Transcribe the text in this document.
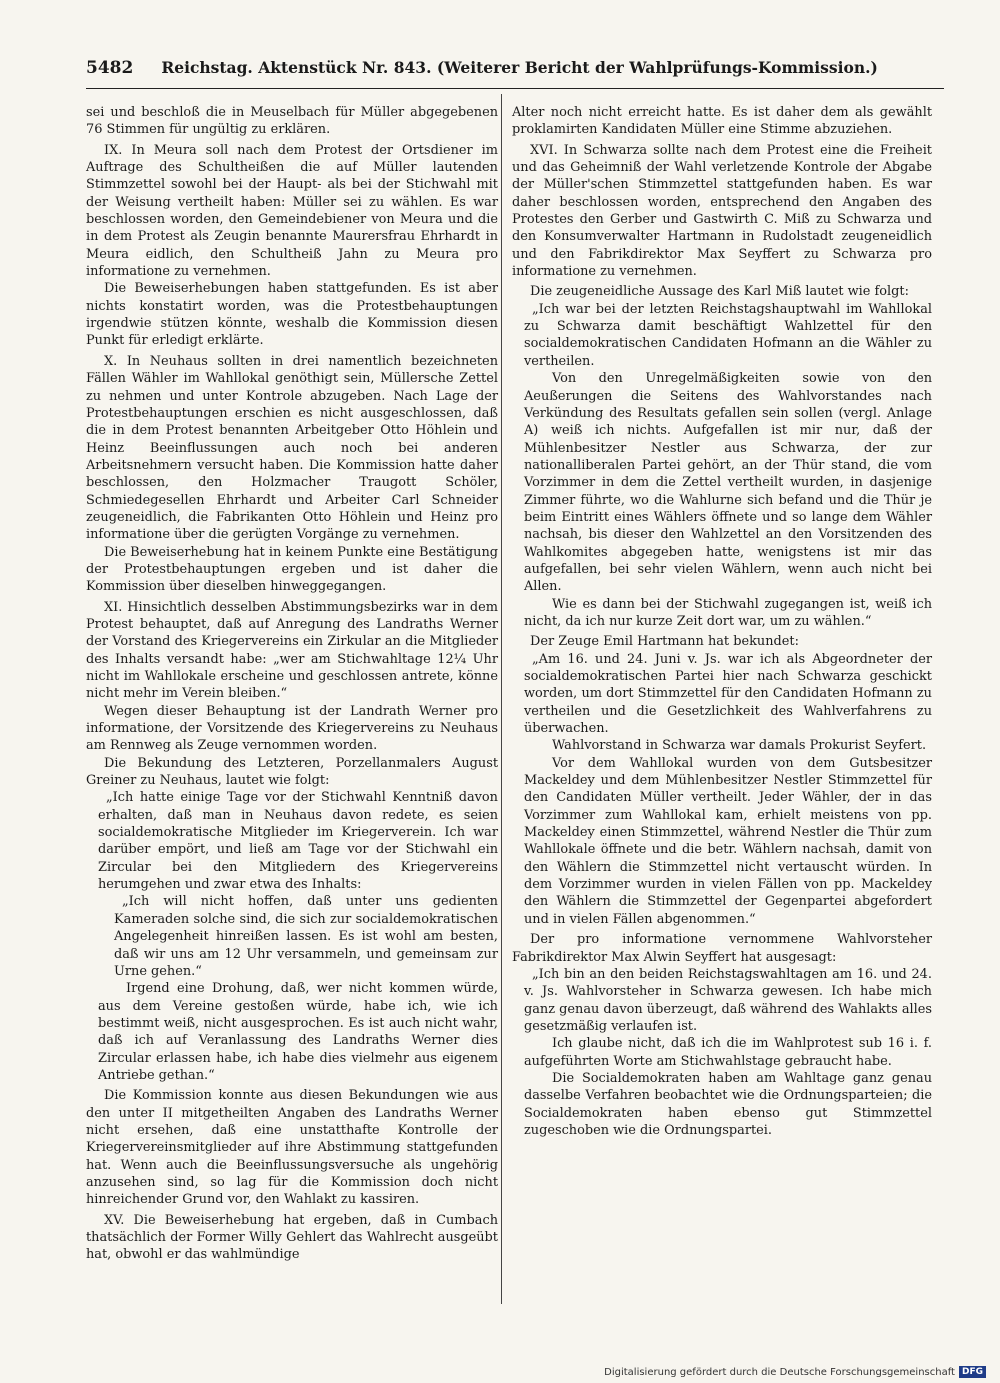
5482 Reichstag. Aktenstück Nr. 843. (Weiterer Bericht der Wahlprüfungs-Kommission.)

sei und beschloß die in Meuselbach für Müller abgegebenen 76 Stimmen für ungültig zu erklären.

IX. In Meura soll nach dem Protest der Ortsdiener im Auftrage des Schultheißen die auf Müller lautenden Stimmzettel sowohl bei der Haupt- als bei der Stichwahl mit der Weisung vertheilt haben: Müller sei zu wählen. Es war beschlossen worden, den Gemeindebiener von Meura und die in dem Protest als Zeugin benannte Maurersfrau Ehrhardt in Meura eidlich, den Schultheiß Jahn zu Meura pro informatione zu vernehmen.

Die Beweiserhebungen haben stattgefunden. Es ist aber nichts konstatirt worden, was die Protestbehauptungen irgendwie stützen könnte, weshalb die Kommission diesen Punkt für erledigt erklärte.

X. In Neuhaus sollten in drei namentlich bezeichneten Fällen Wähler im Wahllokal genöthigt sein, Müllersche Zettel zu nehmen und unter Kontrole abzugeben. Nach Lage der Protestbehauptungen erschien es nicht ausgeschlossen, daß die in dem Protest benannten Arbeitgeber Otto Höhlein und Heinz Beeinflussungen auch noch bei anderen Arbeitsnehmern versucht haben. Die Kommission hatte daher beschlossen, den Holzmacher Traugott Schöler, Schmiedegesellen Ehrhardt und Arbeiter Carl Schneider zeugeneidlich, die Fabrikanten Otto Höhlein und Heinz pro informatione über die gerügten Vorgänge zu vernehmen.

Die Beweiserhebung hat in keinem Punkte eine Bestätigung der Protestbehauptungen ergeben und ist daher die Kommission über dieselben hinweggegangen.

XI. Hinsichtlich desselben Abstimmungsbezirks war in dem Protest behauptet, daß auf Anregung des Landraths Werner der Vorstand des Kriegervereins ein Zirkular an die Mitglieder des Inhalts versandt habe: „wer am Stichwahltage 12¼ Uhr nicht im Wahllokale erscheine und geschlossen antrete, könne nicht mehr im Verein bleiben.“

Wegen dieser Behauptung ist der Landrath Werner pro informatione, der Vorsitzende des Kriegervereins zu Neuhaus am Rennweg als Zeuge vernommen worden.

Die Bekundung des Letzteren, Porzellanmalers August Greiner zu Neuhaus, lautet wie folgt:

„Ich hatte einige Tage vor der Stichwahl Kenntniß davon erhalten, daß man in Neuhaus davon redete, es seien socialdemokratische Mitglieder im Kriegerverein. Ich war darüber empört, und ließ am Tage vor der Stichwahl ein Zircular bei den Mitgliedern des Kriegervereins herumgehen und zwar etwa des Inhalts:

„Ich will nicht hoffen, daß unter uns gedienten Kameraden solche sind, die sich zur socialdemokratischen Angelegenheit hinreißen lassen. Es ist wohl am besten, daß wir uns am 12 Uhr versammeln, und gemeinsam zur Urne gehen.“

Irgend eine Drohung, daß, wer nicht kommen würde, aus dem Vereine gestoßen würde, habe ich, wie ich bestimmt weiß, nicht ausgesprochen. Es ist auch nicht wahr, daß ich auf Veranlassung des Landraths Werner dies Zircular erlassen habe, ich habe dies vielmehr aus eigenem Antriebe gethan.“

Die Kommission konnte aus diesen Bekundungen wie aus den unter II mitgetheilten Angaben des Landraths Werner nicht ersehen, daß eine unstatthafte Kontrolle der Kriegervereinsmitglieder auf ihre Abstimmung stattgefunden hat. Wenn auch die Beeinflussungsversuche als ungehörig anzusehen sind, so lag für die Kommission doch nicht hinreichender Grund vor, den Wahlakt zu kassiren.

XV. Die Beweiserhebung hat ergeben, daß in Cumbach thatsächlich der Former Willy Gehlert das Wahlrecht ausgeübt hat, obwohl er das wahlmündige

Alter noch nicht erreicht hatte. Es ist daher dem als gewählt proklamirten Kandidaten Müller eine Stimme abzuziehen.

XVI. In Schwarza sollte nach dem Protest eine die Freiheit und das Geheimniß der Wahl verletzende Kontrole der Abgabe der Müller'schen Stimmzettel stattgefunden haben. Es war daher beschlossen worden, entsprechend den Angaben des Protestes den Gerber und Gastwirth C. Miß zu Schwarza und den Konsumverwalter Hartmann in Rudolstadt zeugeneidlich und den Fabrikdirektor Max Seyffert zu Schwarza pro informatione zu vernehmen.

Die zeugeneidliche Aussage des Karl Miß lautet wie folgt:

„Ich war bei der letzten Reichstagshauptwahl im Wahllokal zu Schwarza damit beschäftigt Wahlzettel für den socialdemokratischen Candidaten Hofmann an die Wähler zu vertheilen.

Von den Unregelmäßigkeiten sowie von den Aeußerungen die Seitens des Wahlvorstandes nach Verkündung des Resultats gefallen sein sollen (vergl. Anlage A) weiß ich nichts. Aufgefallen ist mir nur, daß der Mühlenbesitzer Nestler aus Schwarza, der zur nationalliberalen Partei gehört, an der Thür stand, die vom Vorzimmer in dem die Zettel vertheilt wurden, in dasjenige Zimmer führte, wo die Wahlurne sich befand und die Thür je beim Eintritt eines Wählers öffnete und so lange dem Wähler nachsah, bis dieser den Wahlzettel an den Vorsitzenden des Wahlkomites abgegeben hatte, wenigstens ist mir das aufgefallen, bei sehr vielen Wählern, wenn auch nicht bei Allen.

Wie es dann bei der Stichwahl zugegangen ist, weiß ich nicht, da ich nur kurze Zeit dort war, um zu wählen.“

Der Zeuge Emil Hartmann hat bekundet:

„Am 16. und 24. Juni v. Js. war ich als Abgeordneter der socialdemokratischen Partei hier nach Schwarza geschickt worden, um dort Stimmzettel für den Candidaten Hofmann zu vertheilen und die Gesetzlichkeit des Wahlverfahrens zu überwachen.

Wahlvorstand in Schwarza war damals Prokurist Seyfert.

Vor dem Wahllokal wurden von dem Gutsbesitzer Mackeldey und dem Mühlenbesitzer Nestler Stimmzettel für den Candidaten Müller vertheilt. Jeder Wähler, der in das Vorzimmer zum Wahllokal kam, erhielt meistens von pp. Mackeldey einen Stimmzettel, während Nestler die Thür zum Wahllokale öffnete und die betr. Wählern nachsah, damit von den Wählern die Stimmzettel nicht vertauscht würden. In dem Vorzimmer wurden in vielen Fällen von pp. Mackeldey den Wählern die Stimmzettel der Gegenpartei abgefordert und in vielen Fällen abgenommen.“

Der pro informatione vernommene Wahlvorsteher Fabrikdirektor Max Alwin Seyffert hat ausgesagt:

„Ich bin an den beiden Reichstagswahltagen am 16. und 24. v. Js. Wahlvorsteher in Schwarza gewesen. Ich habe mich ganz genau davon überzeugt, daß während des Wahlakts alles gesetzmäßig verlaufen ist.

Ich glaube nicht, daß ich die im Wahlprotest sub 16 i. f. aufgeführten Worte am Stichwahlstage gebraucht habe.

Die Socialdemokraten haben am Wahltage ganz genau dasselbe Verfahren beobachtet wie die Ordnungsparteien; die Socialdemokraten haben ebenso gut Stimmzettel zugeschoben wie die Ordnungspartei.

Digitalisierung gefördert durch die Deutsche Forschungsgemeinschaft DFG
